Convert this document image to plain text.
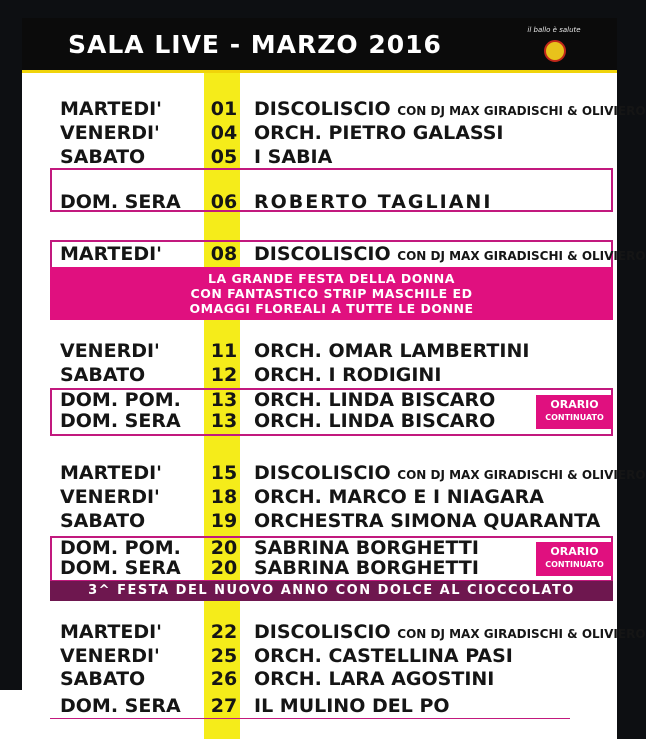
SALA LIVE - MARZO 2016	il ballo è salute
LA GRANDE FESTA DELLA DONNA
CON FANTASTICO STRIP MASCHILE ED
OMAGGI FLOREALI A TUTTE LE DONNE
ORARIO
CONTINUATO
ORARIO
CONTINUATO
3^ FESTA DEL NUOVO ANNO CON DOLCE AL CIOCCOLATO
MARTEDI'	01 DISCOLISCIO CON DJ MAX GIRADISCHI & OLIVIERO
VENERDI'	04 ORCH. PIETRO GALASSI
SABATO	05 I SABIA
DOM. SERA 06 ROBERTO TAGLIANI
MARTEDI'	08 DISCOLISCIO CON DJ MAX GIRADISCHI & OLIVIERO
VENERDI'	11 ORCH. OMAR LAMBERTINI
SABATO	12 ORCH. I RODIGINI
DOM. POM. 13 ORCH. LINDA BISCARO
DOM. SERA 13 ORCH. LINDA BISCARO
MARTEDI'	15 DISCOLISCIO CON DJ MAX GIRADISCHI & OLIVIERO
VENERDI'	18 ORCH. MARCO E I NIAGARA
SABATO	19 ORCHESTRA SIMONA QUARANTA
DOM. POM. 20 SABRINA BORGHETTI
DOM. SERA 20 SABRINA BORGHETTI
MARTEDI'	22 DISCOLISCIO CON DJ MAX GIRADISCHI & OLIVIERO
VENERDI'	25 ORCH. CASTELLINA PASI
SABATO	26 ORCH. LARA AGOSTINI
DOM. SERA 27 IL MULINO DEL PO
